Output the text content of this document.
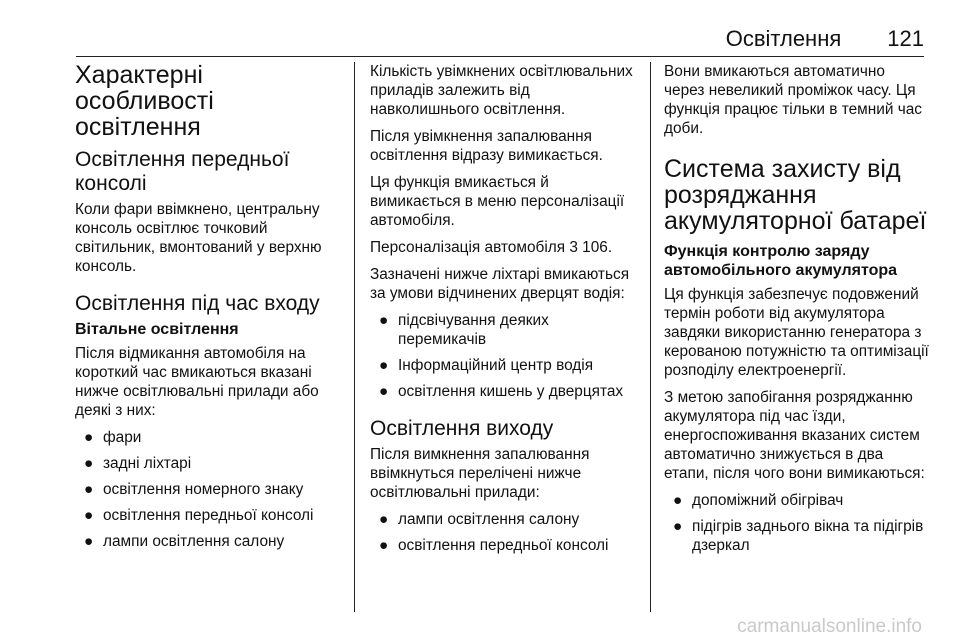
Освітлення 121
Характерні особливості освітлення
Освітлення передньої консолі

Коли фари ввімкнено, центральну консоль освітлює точковий світильник, вмонтований у верхню консоль.

Освітлення під час входу
Вітальне освітлення

Після відмикання автомобіля на короткий час вмикаються вказані нижче освітлювальні прилади або деякі з них:

● фари
● задні ліхтарі
● освітлення номерного знаку
● освітлення передньої консолі
● лампи освітлення салону

Кількість увімкнених освітлювальних приладів залежить від навколишнього освітлення.

Після увімкнення запалювання освітлення відразу вимикається.

Ця функція вмикається й вимикається в меню персоналізації автомобіля.

Персоналізація автомобіля 3 106.

Зазначені нижче ліхтарі вмикаються за умови відчинених дверцят водія:

● підсвічування деяких перемикачів
● Інформаційний центр водія
● освітлення кишень у дверцятах
Освітлення виходу

Після вимкнення запалювання ввімкнуться перелічені нижче освітлювальні прилади:

● лампи освітлення салону
● освітлення передньої консолі

Вони вмикаються автоматично через невеликий проміжок часу. Ця функція працює тільки в темний час доби.

Система захисту від розряджання акумуляторної батареї
Функція контролю заряду автомобільного акумулятора

Ця функція забезпечує подовжений термін роботи від акумулятора завдяки використанню генератора з керованою потужністю та оптимізації розподілу електроенергії.

З метою запобігання розряджанню акумулятора під час їзди, енергоспоживання вказаних систем автоматично знижується в два етапи, після чого вони вимикаються:

● допоміжний обігрівач
● підігрів заднього вікна та підігрів дзеркал
carmanualsonline.info
